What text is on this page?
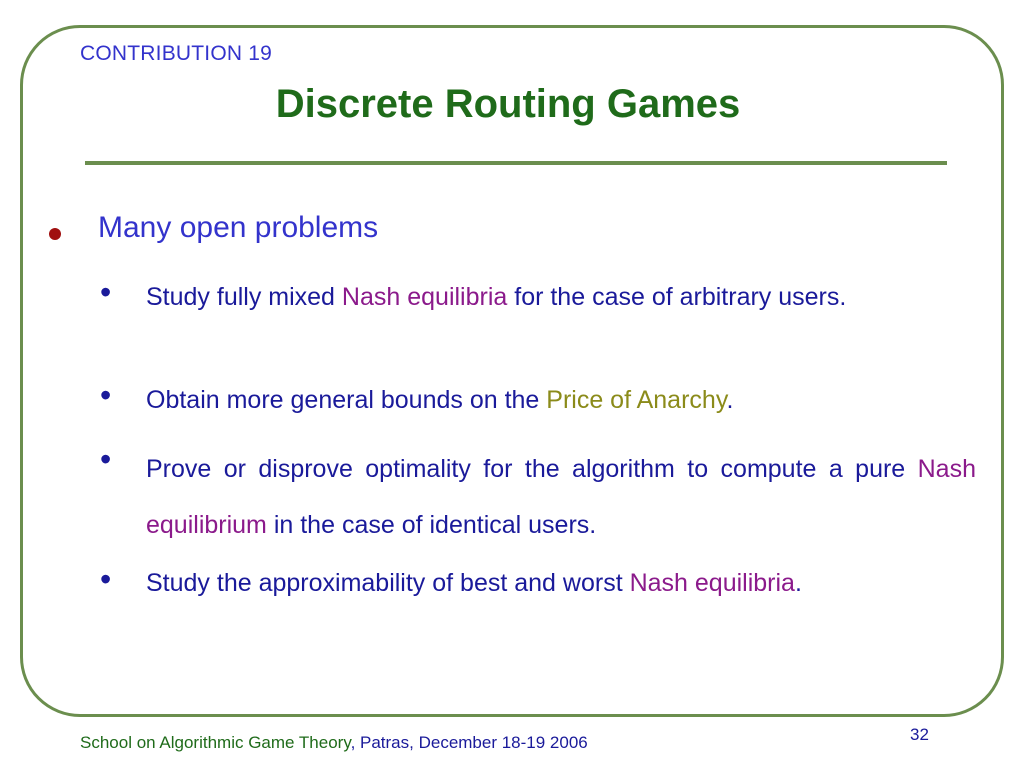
CONTRIBUTION 19
Discrete Routing Games
Many open problems
• Study fully mixed Nash equilibria for the case of arbitrary users.
• Obtain more general bounds on the Price of Anarchy.
• Prove or disprove optimality for the algorithm to compute a pure Nash equilibrium in the case of identical users.
• Study the approximability of best and worst Nash equilibria.
School on Algorithmic Game Theory, Patras, December 18-19 2006	32
